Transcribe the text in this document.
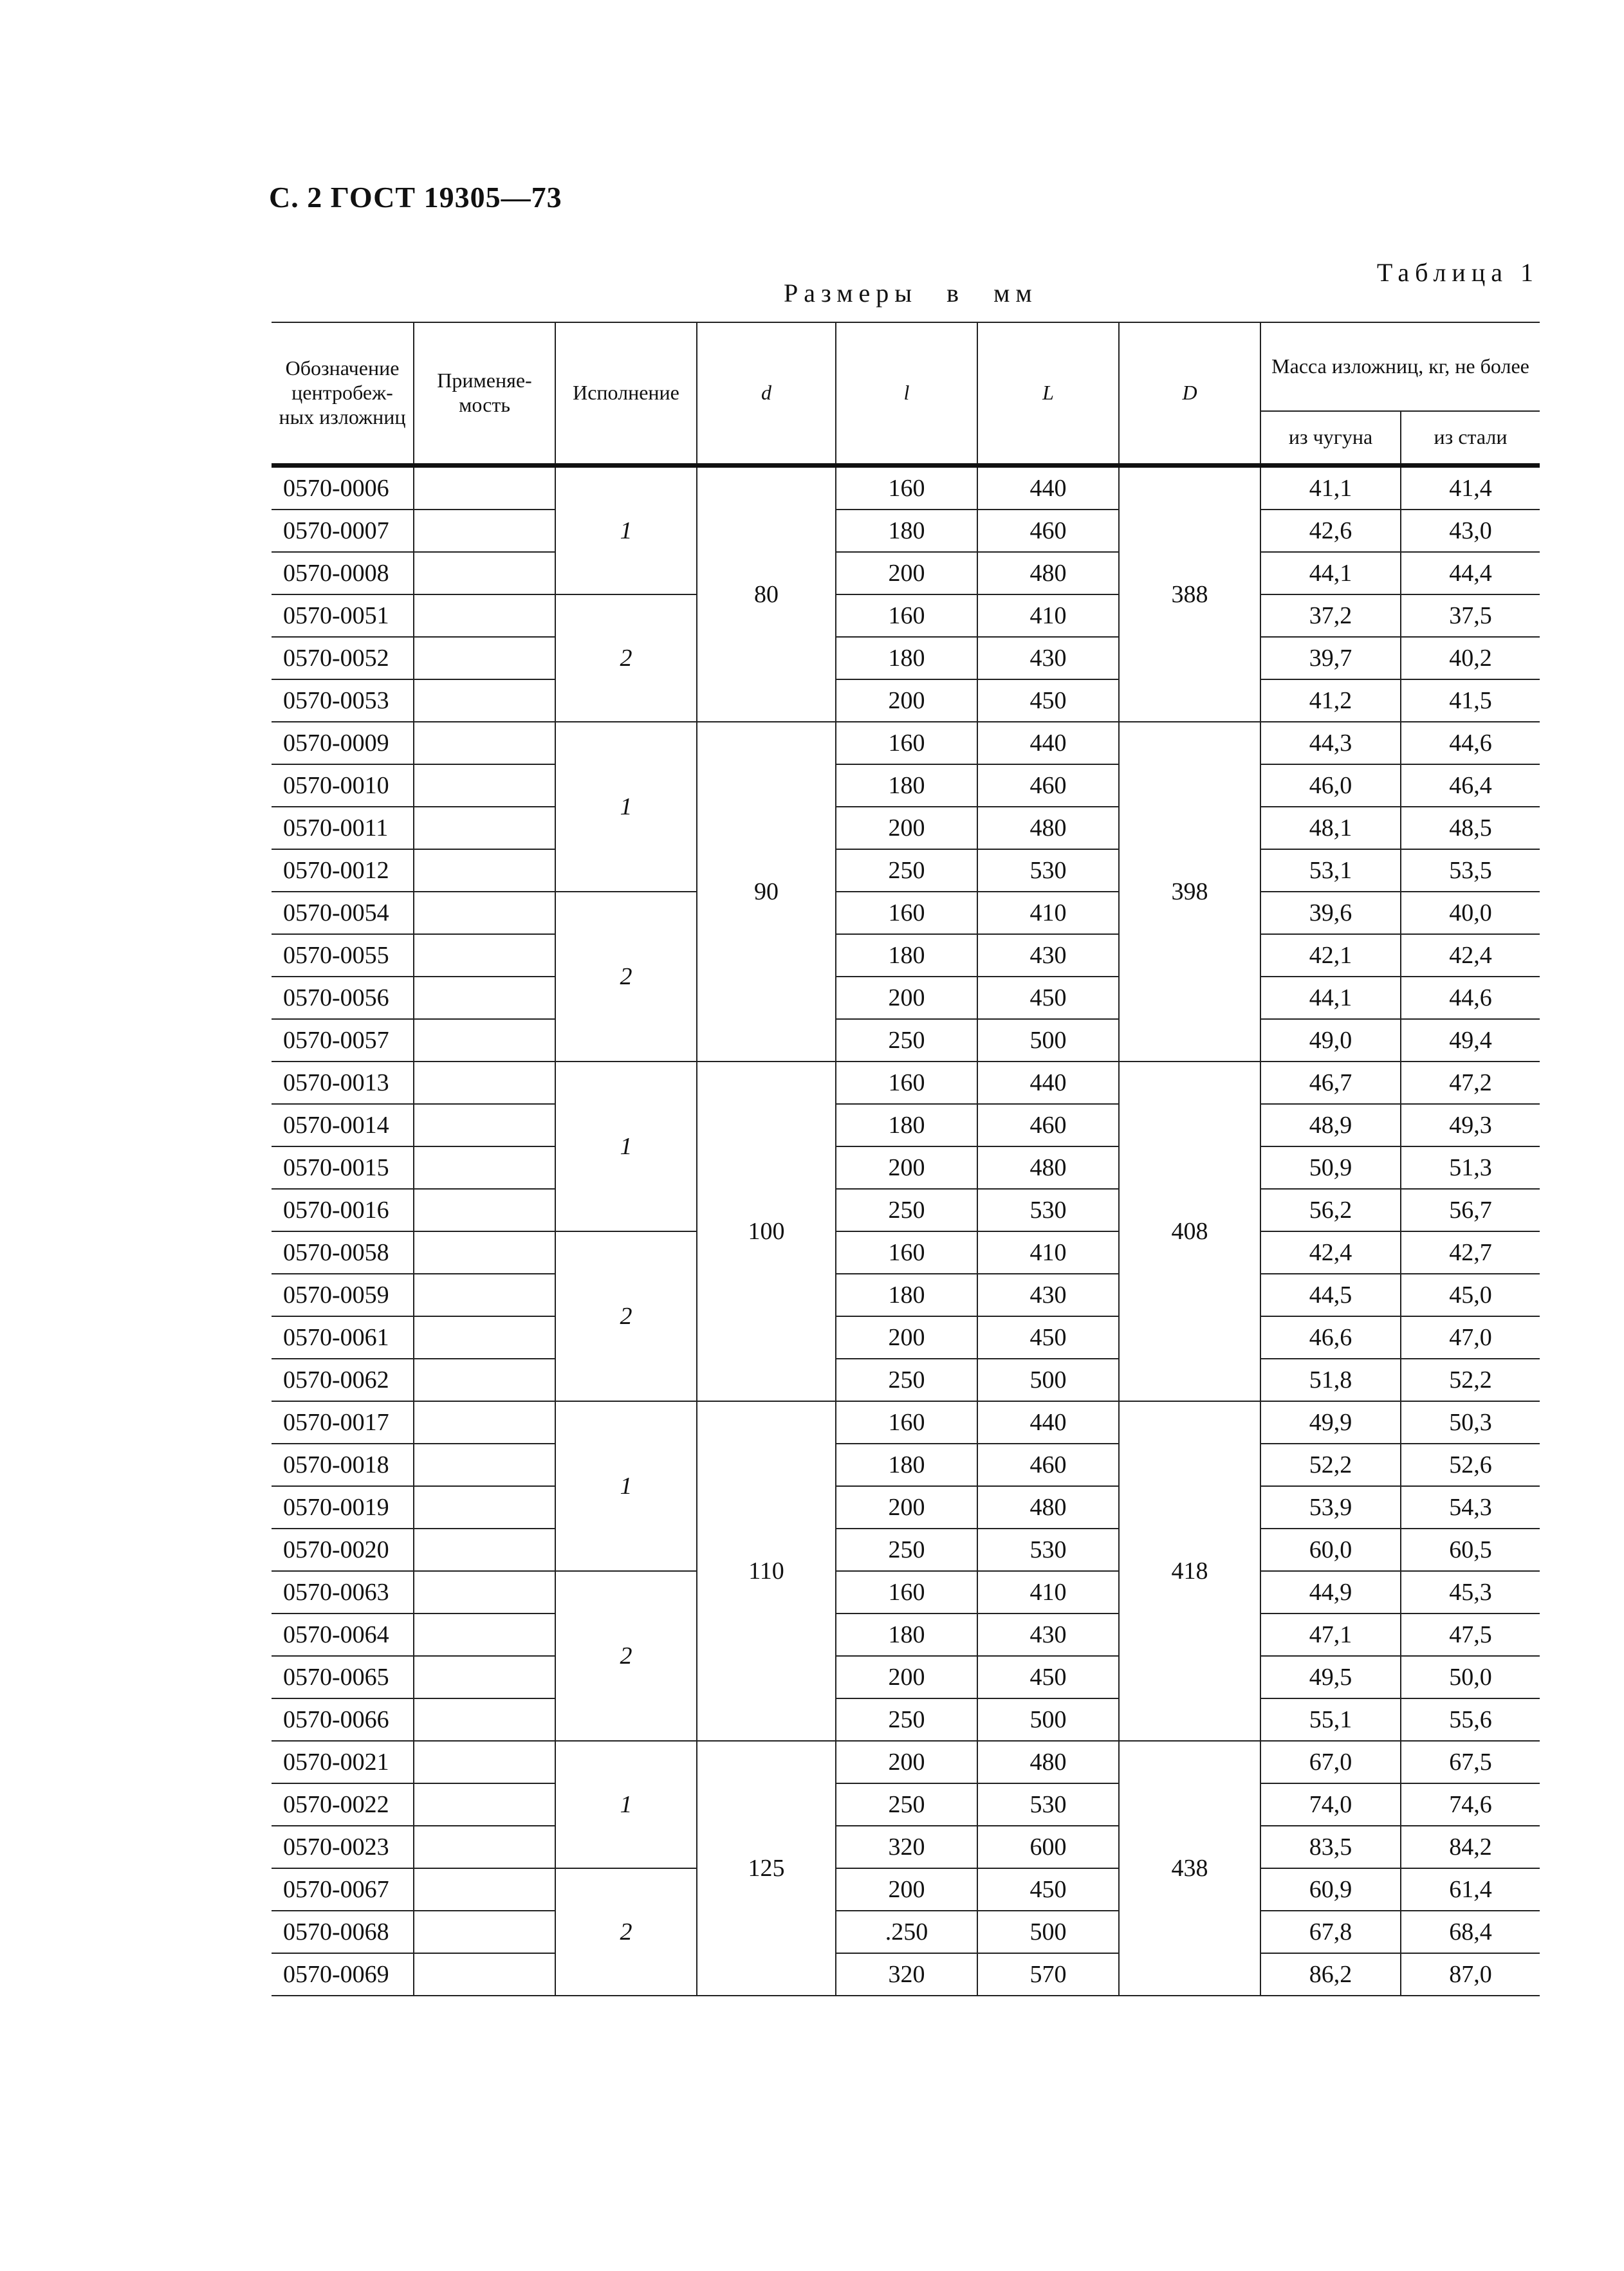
С. 2 ГОСТ 19305—73
Таблица 1
Размеры в мм
Обозначение центробеж- ных изложниц	Применяе- мость	Исполнение	d	l	L	D	Масса изложниц, кг, не более	
							из чугуна	из стали
0570-0006		1	80	160	440	388	41,1	41,4
0570-0007				180	460		42,6	43,0
0570-0008				200	480		44,1	44,4
0570-0051		2		160	410		37,2	37,5
0570-0052				180	430		39,7	40,2
0570-0053				200	450		41,2	41,5
0570-0009		1	90	160	440	398	44,3	44,6
0570-0010				180	460		46,0	46,4
0570-0011				200	480		48,1	48,5
0570-0012				250	530		53,1	53,5
0570-0054		2		160	410		39,6	40,0
0570-0055				180	430		42,1	42,4
0570-0056				200	450		44,1	44,6
0570-0057				250	500		49,0	49,4
0570-0013		1	100	160	440	408	46,7	47,2
0570-0014				180	460		48,9	49,3
0570-0015				200	480		50,9	51,3
0570-0016				250	530		56,2	56,7
0570-0058		2		160	410		42,4	42,7
0570-0059				180	430		44,5	45,0
0570-0061				200	450		46,6	47,0
0570-0062				250	500		51,8	52,2
0570-0017		1	110	160	440	418	49,9	50,3
0570-0018				180	460		52,2	52,6
0570-0019				200	480		53,9	54,3
0570-0020				250	530		60,0	60,5
0570-0063		2		160	410		44,9	45,3
0570-0064				180	430		47,1	47,5
0570-0065				200	450		49,5	50,0
0570-0066				250	500		55,1	55,6
0570-0021		1	125	200	480	438	67,0	67,5
0570-0022				250	530		74,0	74,6
0570-0023				320	600		83,5	84,2
0570-0067		2		200	450		60,9	61,4
0570-0068				.250	500		67,8	68,4
0570-0069				320	570		86,2	87,0
